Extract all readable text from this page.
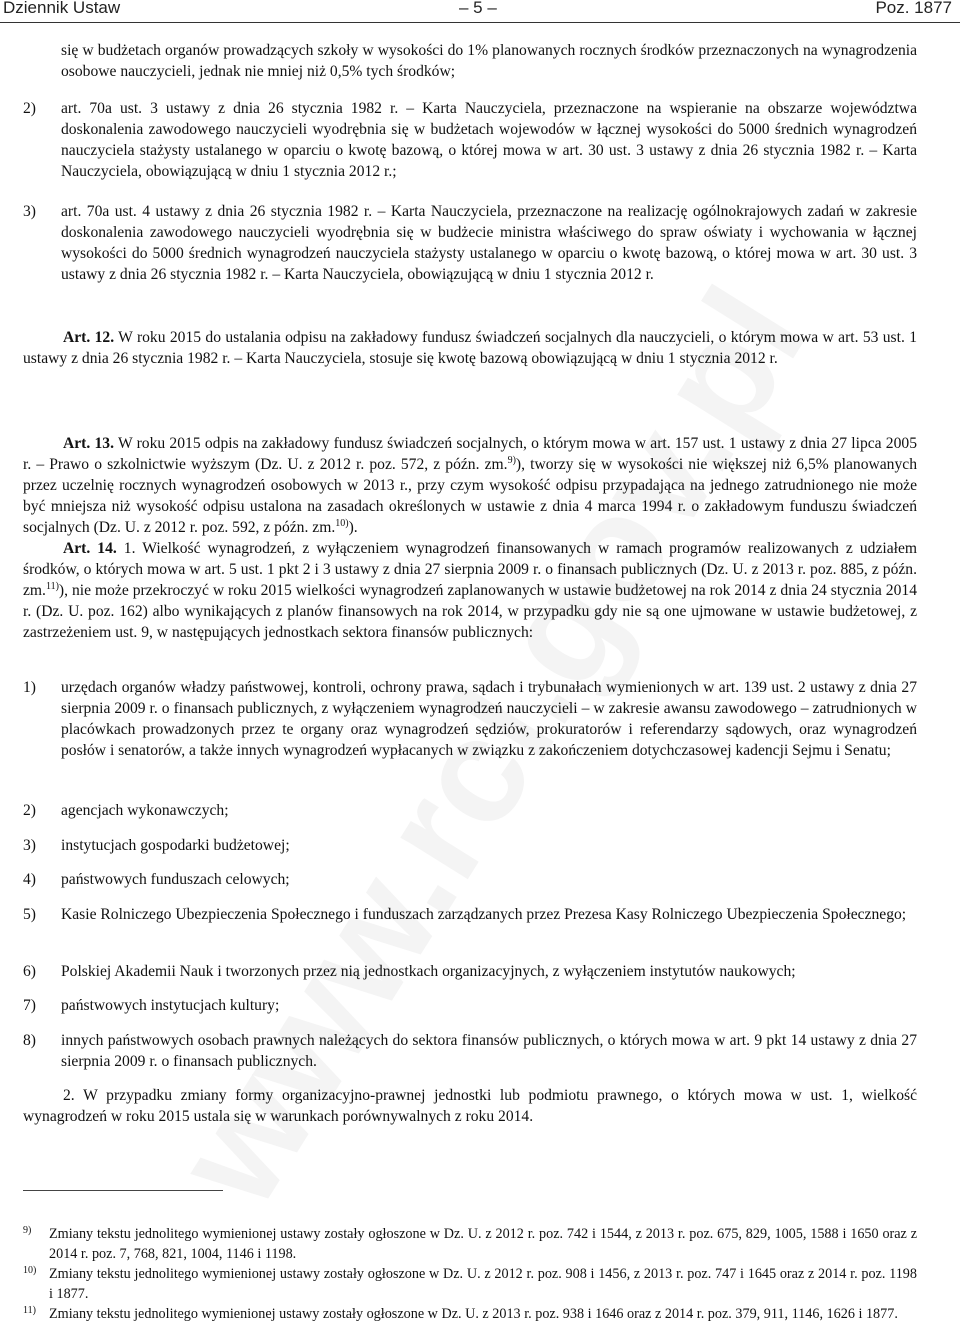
Dziennik Ustaw	– 5 –	Poz. 1877
się w budżetach organów prowadzących szkoły w wysokości do 1% planowanych rocznych środków przeznaczonych na wynagrodzenia osobowe nauczycieli, jednak nie mniej niż 0,5% tych środków;
2) art. 70a ust. 3 ustawy z dnia 26 stycznia 1982 r. – Karta Nauczyciela, przeznaczone na wspieranie na obszarze województwa doskonalenia zawodowego nauczycieli wyodrębnia się w budżetach wojewodów w łącznej wysokości do 5000 średnich wynagrodzeń nauczyciela stażysty ustalanego w oparciu o kwotę bazową, o której mowa w art. 30 ust. 3 ustawy z dnia 26 stycznia 1982 r. – Karta Nauczyciela, obowiązującą w dniu 1 stycznia 2012 r.;
3) art. 70a ust. 4 ustawy z dnia 26 stycznia 1982 r. – Karta Nauczyciela, przeznaczone na realizację ogólnokrajowych zadań w zakresie doskonalenia zawodowego nauczycieli wyodrębnia się w budżecie ministra właściwego do spraw oświaty i wychowania w łącznej wysokości do 5000 średnich wynagrodzeń nauczyciela stażysty ustalanego w oparciu o kwotę bazową, o której mowa w art. 30 ust. 3 ustawy z dnia 26 stycznia 1982 r. – Karta Nauczyciela, obowiązującą w dniu 1 stycznia 2012 r.
Art. 12. W roku 2015 do ustalania odpisu na zakładowy fundusz świadczeń socjalnych dla nauczycieli, o którym mowa w art. 53 ust. 1 ustawy z dnia 26 stycznia 1982 r. – Karta Nauczyciela, stosuje się kwotę bazową obowiązującą w dniu 1 stycznia 2012 r.
Art. 13. W roku 2015 odpis na zakładowy fundusz świadczeń socjalnych, o którym mowa w art. 157 ust. 1 ustawy z dnia 27 lipca 2005 r. – Prawo o szkolnictwie wyższym (Dz. U. z 2012 r. poz. 572, z późn. zm.$^{9)}$), tworzy się w wysokości nie większej niż 6,5% planowanych przez uczelnię rocznych wynagrodzeń osobowych w 2013 r., przy czym wysokość odpisu przypadająca na jednego zatrudnionego nie może być mniejsza niż wysokość odpisu ustalona na zasadach określonych w ustawie z dnia 4 marca 1994 r. o zakładowym funduszu świadczeń socjalnych (Dz. U. z 2012 r. poz. 592, z późn. zm.$^{10)}$).
Art. 14. 1. Wielkość wynagrodzeń, z wyłączeniem wynagrodzeń finansowanych w ramach programów realizowanych z udziałem środków, o których mowa w art. 5 ust. 1 pkt 2 i 3 ustawy z dnia 27 sierpnia 2009 r. o finansach publicznych (Dz. U. z 2013 r. poz. 885, z późn. zm.$^{11)}$), nie może przekroczyć w roku 2015 wielkości wynagrodzeń zaplanowanych w ustawie budżetowej na rok 2014 z dnia 24 stycznia 2014 r. (Dz. U. poz. 162) albo wynikających z planów finansowych na rok 2014, w przypadku gdy nie są one ujmowane w ustawie budżetowej, z zastrzeżeniem ust. 9, w następujących jednostkach sektora finansów publicznych:
1) urzędach organów władzy państwowej, kontroli, ochrony prawa, sądach i trybunałach wymienionych w art. 139 ust. 2 ustawy z dnia 27 sierpnia 2009 r. o finansach publicznych, z wyłączeniem wynagrodzeń nauczycieli – w zakresie awansu zawodowego – zatrudnionych w placówkach prowadzonych przez te organy oraz wynagrodzeń sędziów, prokuratorów i referendarzy sądowych, oraz wynagrodzeń posłów i senatorów, a także innych wynagrodzeń wypłacanych w związku z zakończeniem dotychczasowej kadencji Sejmu i Senatu;
2) agencjach wykonawczych;
3) instytucjach gospodarki budżetowej;
4) państwowych funduszach celowych;
5) Kasie Rolniczego Ubezpieczenia Społecznego i funduszach zarządzanych przez Prezesa Kasy Rolniczego Ubezpieczenia Społecznego;
6) Polskiej Akademii Nauk i tworzonych przez nią jednostkach organizacyjnych, z wyłączeniem instytutów naukowych;
7) państwowych instytucjach kultury;
8) innych państwowych osobach prawnych należących do sektora finansów publicznych, o których mowa w art. 9 pkt 14 ustawy z dnia 27 sierpnia 2009 r. o finansach publicznych.
2. W przypadku zmiany formy organizacyjno-prawnej jednostki lub podmiotu prawnego, o których mowa w ust. 1, wielkość wynagrodzeń w roku 2015 ustala się w warunkach porównywalnych z roku 2014.
9) Zmiany tekstu jednolitego wymienionej ustawy zostały ogłoszone w Dz. U. z 2012 r. poz. 742 i 1544, z 2013 r. poz. 675, 829, 1005, 1588 i 1650 oraz z 2014 r. poz. 7, 768, 821, 1004, 1146 i 1198.
10) Zmiany tekstu jednolitego wymienionej ustawy zostały ogłoszone w Dz. U. z 2012 r. poz. 908 i 1456, z 2013 r. poz. 747 i 1645 oraz z 2014 r. poz. 1198 i 1877.
11) Zmiany tekstu jednolitego wymienionej ustawy zostały ogłoszone w Dz. U. z 2013 r. poz. 938 i 1646 oraz z 2014 r. poz. 379, 911, 1146, 1626 i 1877.
